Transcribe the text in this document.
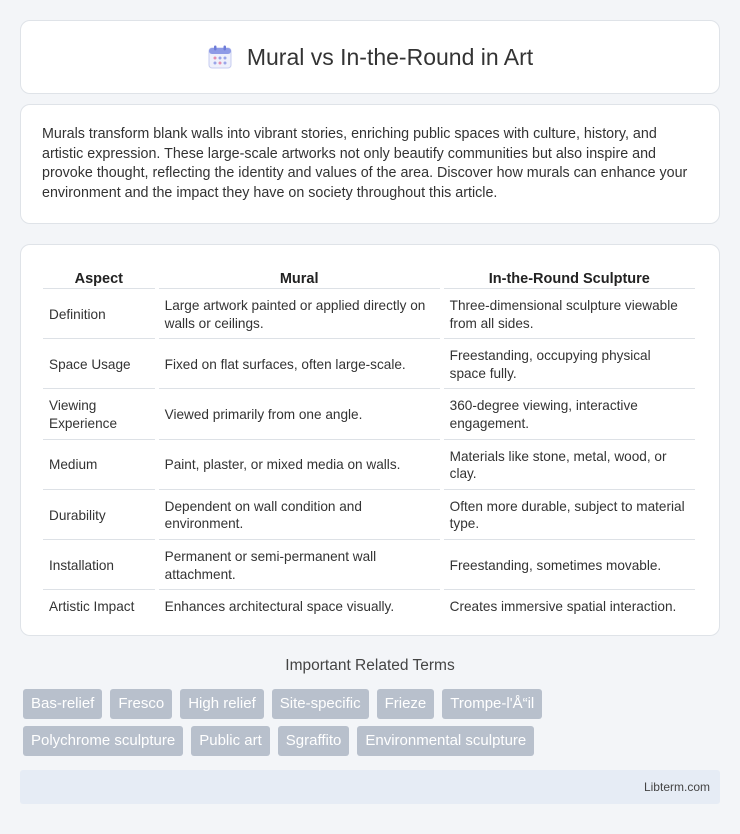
Mural vs In-the-Round in Art

Murals transform blank walls into vibrant stories, enriching public spaces with culture, history, and artistic expression. These large-scale artworks not only beautify communities but also inspire and provoke thought, reflecting the identity and values of the area. Discover how murals can enhance your environment and the impact they have on society throughout this article.

Aspect	Mural	In-the-Round Sculpture
Definition	Large artwork painted or applied directly on walls or ceilings.	Three-dimensional sculpture viewable from all sides.
Space Usage	Fixed on flat surfaces, often large-scale.	Freestanding, occupying physical space fully.
Viewing Experience	Viewed primarily from one angle.	360-degree viewing, interactive engagement.
Medium	Paint, plaster, or mixed media on walls.	Materials like stone, metal, wood, or clay.
Durability	Dependent on wall condition and environment.	Often more durable, subject to material type.
Installation	Permanent or semi-permanent wall attachment.	Freestanding, sometimes movable.
Artistic Impact	Enhances architectural space visually.	Creates immersive spatial interaction.
Important Related Terms
Bas-relief	Fresco	High relief	Site-specific	Frieze	Trompe-l'Å“il
Polychrome sculpture	Public art	Sgraffito	Environmental sculpture
Libterm.com
